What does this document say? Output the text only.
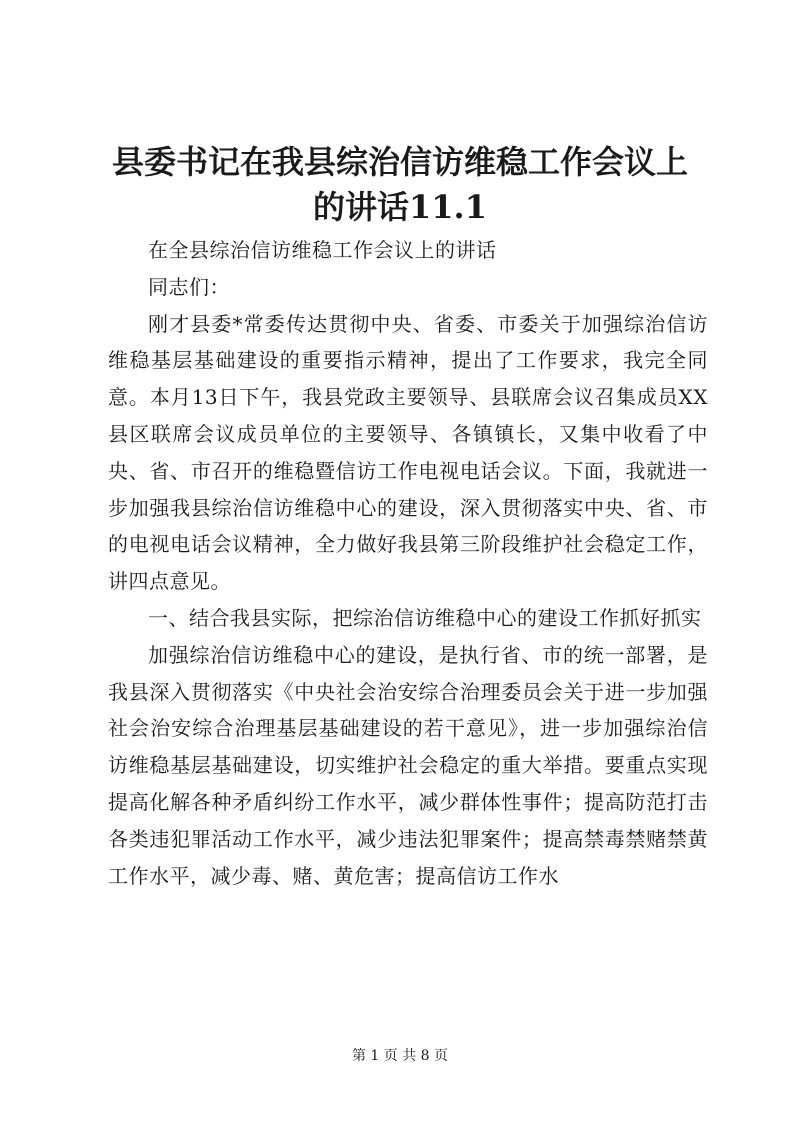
县委书记在我县综治信访维稳工作会议上的讲话11.1

在全县综治信访维稳工作会议上的讲话

同志们：

刚才县委*常委传达贯彻中央、省委、市委关于加强综治信访维稳基层基础建设的重要指示精神，提出了工作要求，我完全同意。本月13日下午，我县党政主要领导、县联席会议召集成员XX县区联席会议成员单位的主要领导、各镇镇长，又集中收看了中央、省、市召开的维稳暨信访工作电视电话会议。下面，我就进一步加强我县综治信访维稳中心的建设，深入贯彻落实中央、省、市的电视电话会议精神，全力做好我县第三阶段维护社会稳定工作，讲四点意见。

一、结合我县实际，把综治信访维稳中心的建设工作抓好抓实

加强综治信访维稳中心的建设，是执行省、市的统一部署，是我县深入贯彻落实《中央社会治安综合治理委员会关于进一步加强社会治安综合治理基层基础建设的若干意见》，进一步加强综治信访维稳基层基础建设，切实维护社会稳定的重大举措。要重点实现提高化解各种矛盾纠纷工作水平，减少群体性事件；提高防范打击各类违犯罪活动工作水平，减少违法犯罪案件；提高禁毒禁赌禁黄工作水平，减少毒、赌、黄危害；提高信访工作水

第 1 页 共 8 页
